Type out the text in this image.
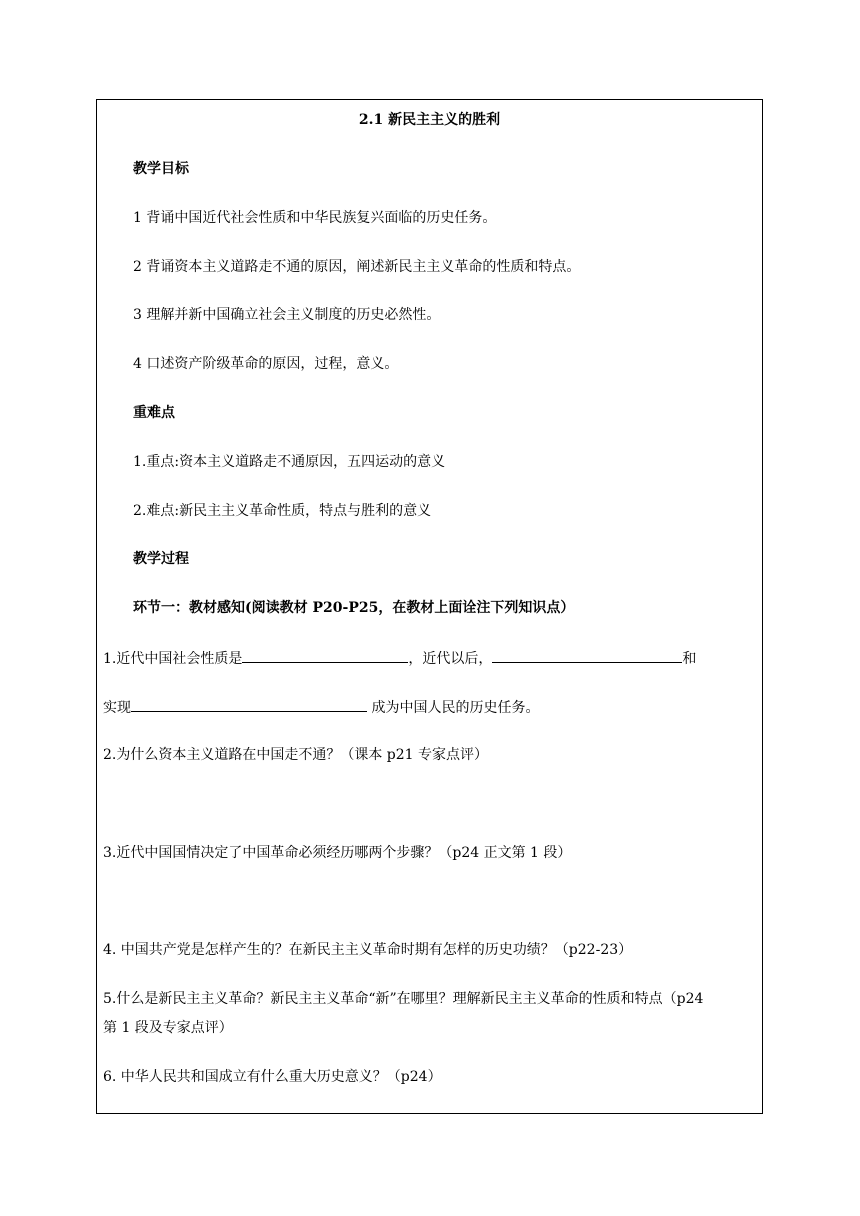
2.1 新民主主义的胜利
教学目标
1 背诵中国近代社会性质和中华民族复兴面临的历史任务。
2 背诵资本主义道路走不通的原因，阐述新民主主义革命的性质和特点。
3 理解并新中国确立社会主义制度的历史必然性。
4 口述资产阶级革命的原因，过程，意义。
重难点
1.重点:资本主义道路走不通原因，五四运动的意义
2.难点:新民主主义革命性质，特点与胜利的意义
教学过程
环节一：教材感知(阅读教材 P20-P25，在教材上面诠注下列知识点）
1.近代中国社会性质是	，近代以后，	和
实现	成为中国人民的历史任务。
2.为什么资本主义道路在中国走不通？（课本 p21 专家点评）
3.近代中国国情决定了中国革命必须经历哪两个步骤？（p24 正文第 1 段）
4. 中国共产党是怎样产生的？在新民主主义革命时期有怎样的历史功绩？（p22-23）
5.什么是新民主主义革命？新民主主义革命“新”在哪里？理解新民主主义革命的性质和特点（p24
第 1 段及专家点评）
6. 中华人民共和国成立有什么重大历史意义？（p24）
